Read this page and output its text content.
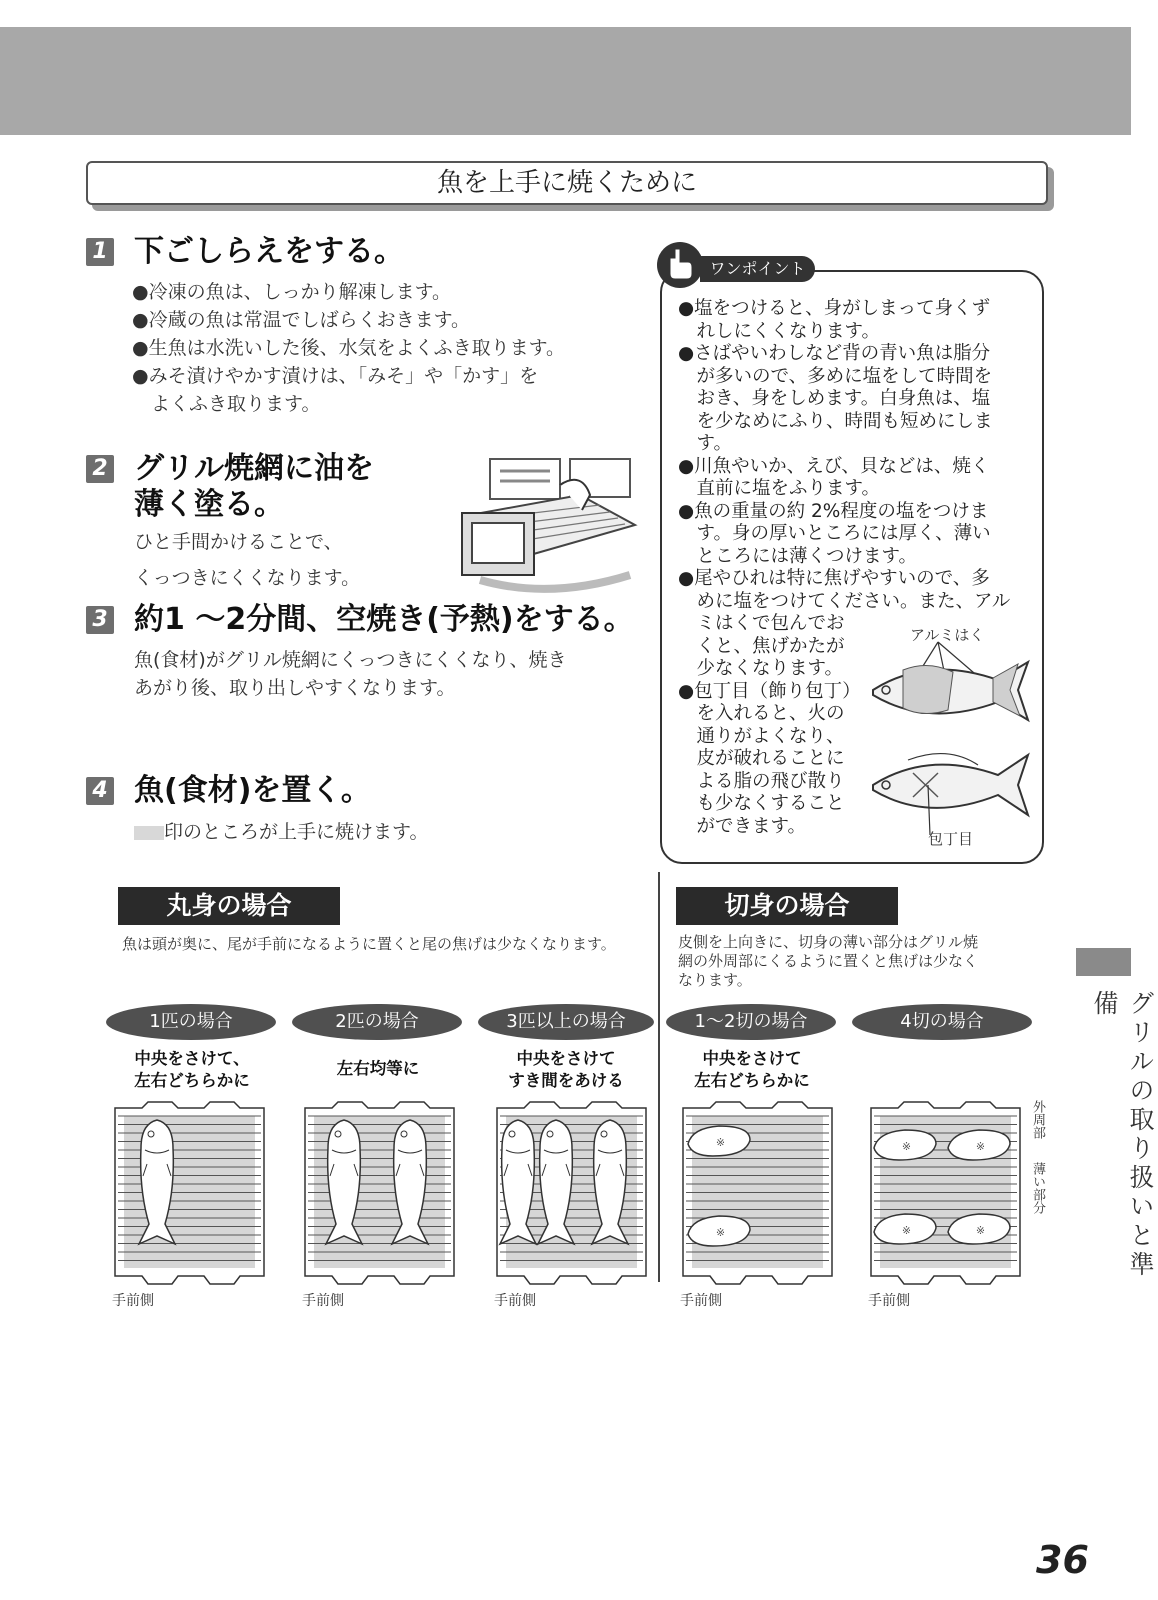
魚を上手に焼くために
1 下ごしらえをする。
●冷凍の魚は、しっかり解凍します。
●冷蔵の魚は常温でしばらくおきます。
●生魚は水洗いした後、水気をよくふき取ります。
●みそ漬けやかす漬けは、「みそ」や「かす」を
　よくふき取ります。
2 グリル焼網に油を
薄く塗る。
ひと手間かけることで、
くっつきにくくなります。
3 約1 ～2分間、空焼き(予熱)をする。
魚(食材)がグリル焼網にくっつきにくくなり、焼き
あがり後、取り出しやすくなります。
4 魚(食材)を置く。
印のところが上手に焼けます。
ワンポイント
●塩をつけると、身がしまって身くず
　れしにくくなります。
●さばやいわしなど背の青い魚は脂分
　が多いので、多めに塩をして時間を
　おき、身をしめます。白身魚は、塩
　を少なめにふり、時間も短めにしま
　す。
●川魚やいか、えび、貝などは、焼く
　直前に塩をふります。
●魚の重量の約 2%程度の塩をつけま
　す。身の厚いところには厚く、薄い
　ところには薄くつけます。
●尾やひれは特に焦げやすいので、多
　めに塩をつけてください。また、アル
　ミはくで包んでお
　くと、焦げかたが
　少なくなります。
●包丁目（飾り包丁）
　を入れると、火の
　通りがよくなり、
　皮が破れることに
　よる脂の飛び散り
　も少なくすること
　ができます。
アルミはく
包丁目
丸身の場合
魚は頭が奥に、尾が手前になるように置くと尾の焦げは少なくなります。
切身の場合
皮側を上向きに、切身の薄い部分はグリル焼
網の外周部にくるように置くと焦げは少なく
なります。
1匹の場合	2匹の場合	3匹以上の場合	1～2切の場合	4切の場合
中央をさけて、
左右どちらかに
左右均等に
中央をさけて
すき間をあける
中央をさけて
左右どちらかに
※
※
※	※
※	※
手前側	手前側	手前側	手前側	手前側
外周部
薄い部分	グリルの取り扱いと準備
36
